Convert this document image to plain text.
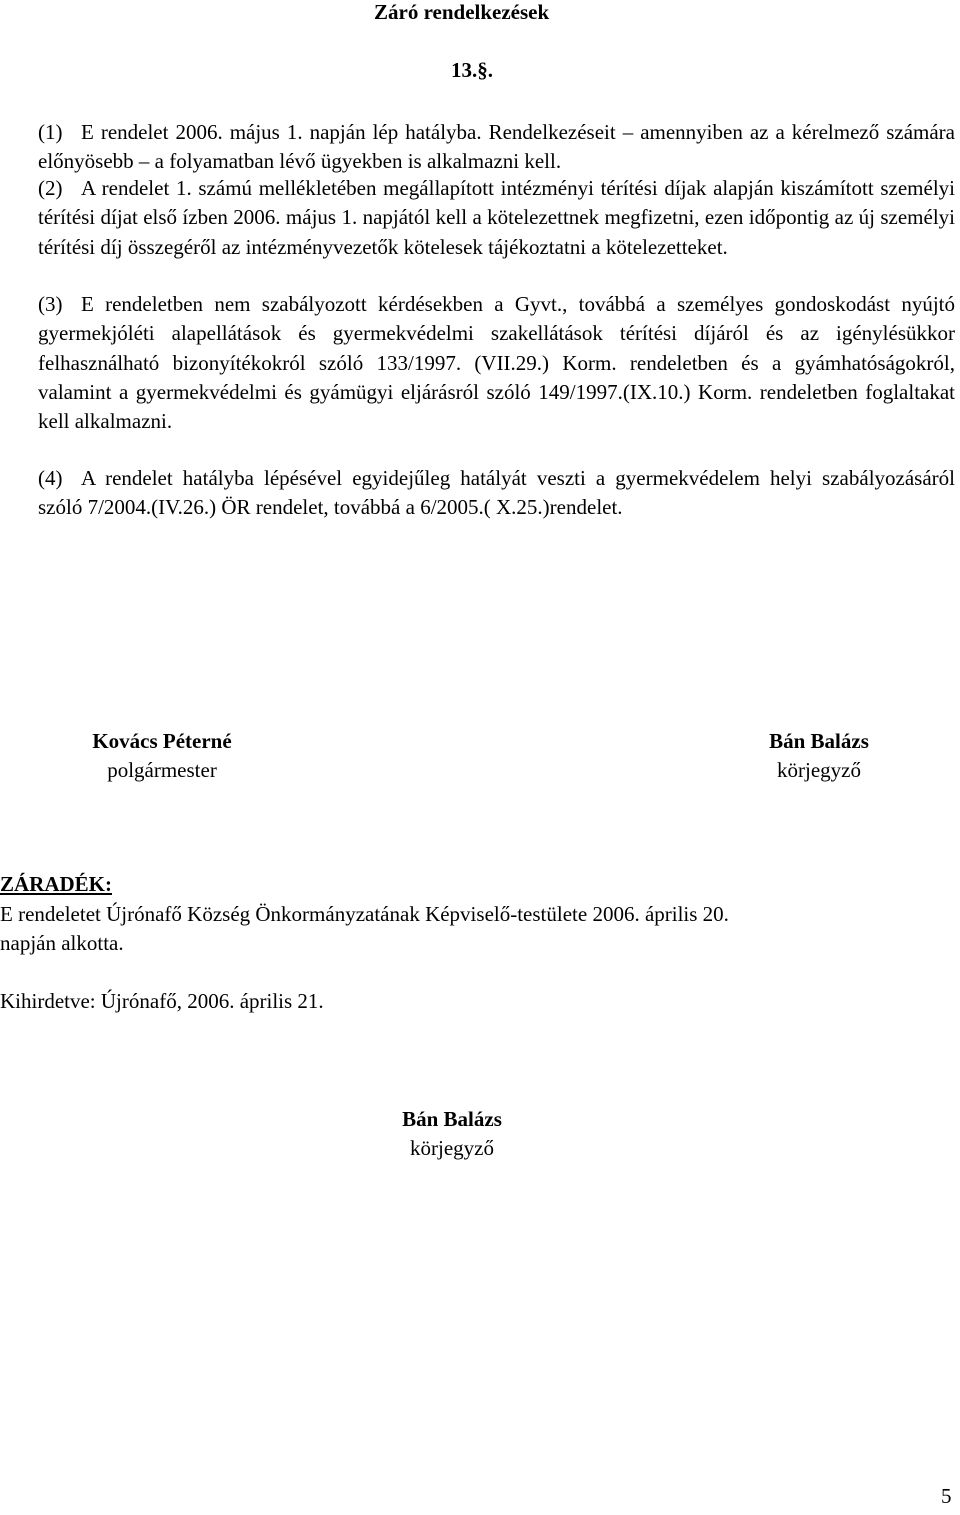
Záró rendelkezések
13.§.
(1) E rendelet 2006. május 1. napján lép hatályba. Rendelkezéseit – amennyiben az a kérelmező számára előnyösebb – a folyamatban lévő ügyekben is alkalmazni kell.
(2) A rendelet 1. számú mellékletében megállapított intézményi térítési díjak alapján kiszámított személyi térítési díjat első ízben 2006. május 1. napjától kell a kötelezettnek megfizetni, ezen időpontig az új személyi térítési díj összegéről az intézményvezetők kötelesek tájékoztatni a kötelezetteket.
(3) E rendeletben nem szabályozott kérdésekben a Gyvt., továbbá a személyes gondoskodást nyújtó gyermekjóléti alapellátások és gyermekvédelmi szakellátások térítési díjáról és az igénylésükkor felhasználható bizonyítékokról szóló 133/1997. (VII.29.) Korm. rendeletben és a gyámhatóságokról, valamint a gyermekvédelmi és gyámügyi eljárásról szóló 149/1997.(IX.10.) Korm. rendeletben foglaltakat kell alkalmazni.
(4) A rendelet hatályba lépésével egyidejűleg hatályát veszti a gyermekvédelem helyi szabályozásáról szóló 7/2004.(IV.26.) ÖR rendelet, továbbá a 6/2005.( X.25.)rendelet.
Kovács Péterné
polgármester
Bán Balázs
körjegyző
ZÁRADÉK:
E rendeletet Újrónafő Község Önkormányzatának Képviselő-testülete 2006. április 20.
napján alkotta.
Kihirdetve: Újrónafő, 2006. április 21.
Bán Balázs
körjegyző
5
